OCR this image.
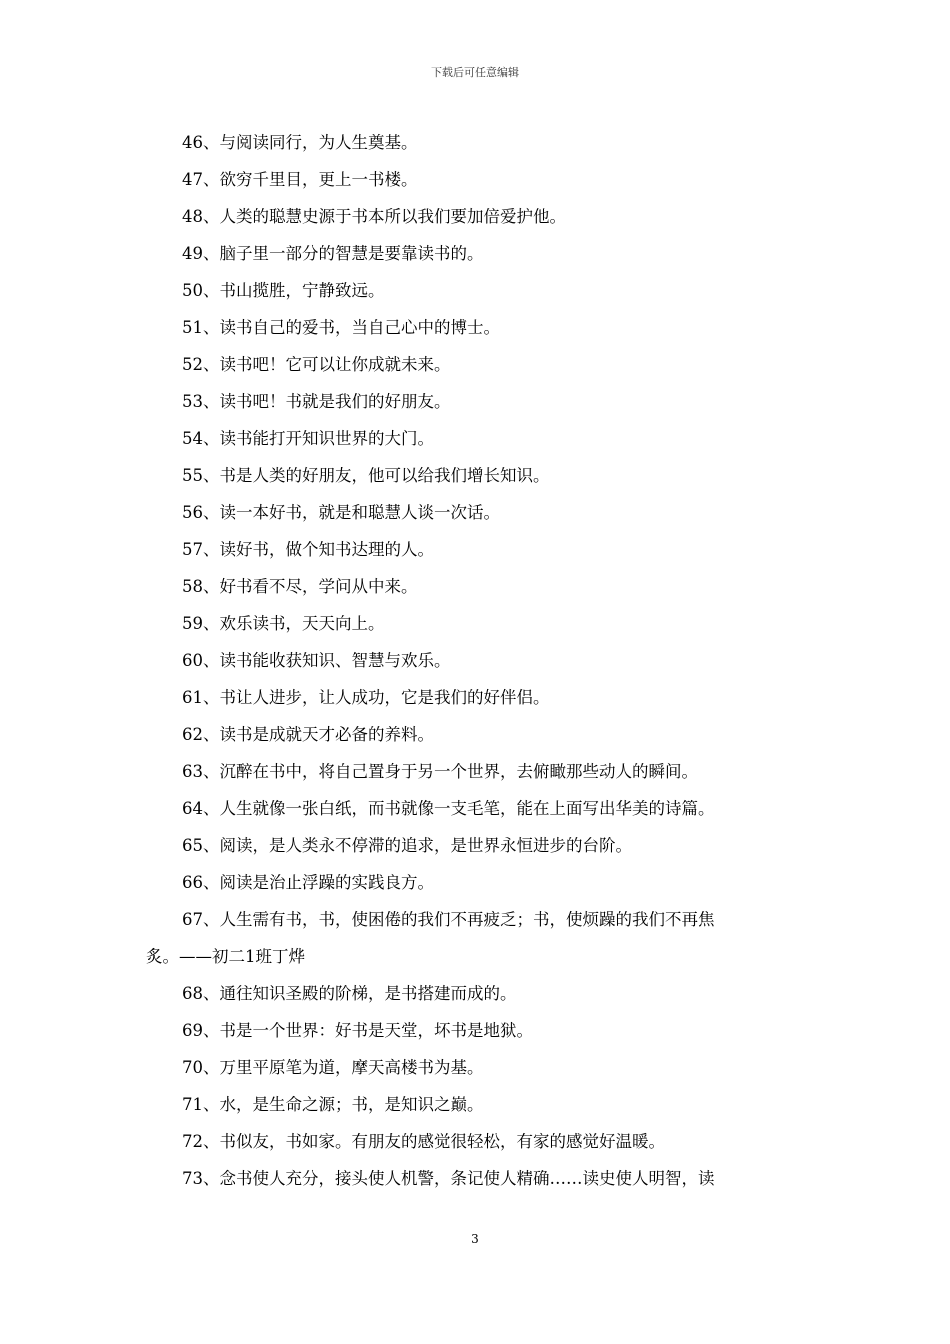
下载后可任意编辑
46、与阅读同行，为人生奠基。
47、欲穷千里目，更上一书楼。
48、人类的聪慧史源于书本所以我们要加倍爱护他。
49、脑子里一部分的智慧是要靠读书的。
50、书山揽胜，宁静致远。
51、读书自己的爱书，当自己心中的博士。
52、读书吧！它可以让你成就未来。
53、读书吧！书就是我们的好朋友。
54、读书能打开知识世界的大门。
55、书是人类的好朋友，他可以给我们增长知识。
56、读一本好书，就是和聪慧人谈一次话。
57、读好书，做个知书达理的人。
58、好书看不尽，学问从中来。
59、欢乐读书，天天向上。
60、读书能收获知识、智慧与欢乐。
61、书让人进步，让人成功，它是我们的好伴侣。
62、读书是成就天才必备的养料。
63、沉醉在书中，将自己置身于另一个世界，去俯瞰那些动人的瞬间。
64、人生就像一张白纸，而书就像一支毛笔，能在上面写出华美的诗篇。
65、阅读，是人类永不停滞的追求，是世界永恒进步的台阶。
66、阅读是治止浮躁的实践良方。
67、人生需有书，书，使困倦的我们不再疲乏；书，使烦躁的我们不再焦
炙。——初二1班丁烨
68、通往知识圣殿的阶梯，是书搭建而成的。
69、书是一个世界：好书是天堂，坏书是地狱。
70、万里平原笔为道，摩天高楼书为基。
71、水，是生命之源；书，是知识之巅。
72、书似友，书如家。有朋友的感觉很轻松，有家的感觉好温暖。
73、念书使人充分，接头使人机警，条记使人精确……读史使人明智，读
3
